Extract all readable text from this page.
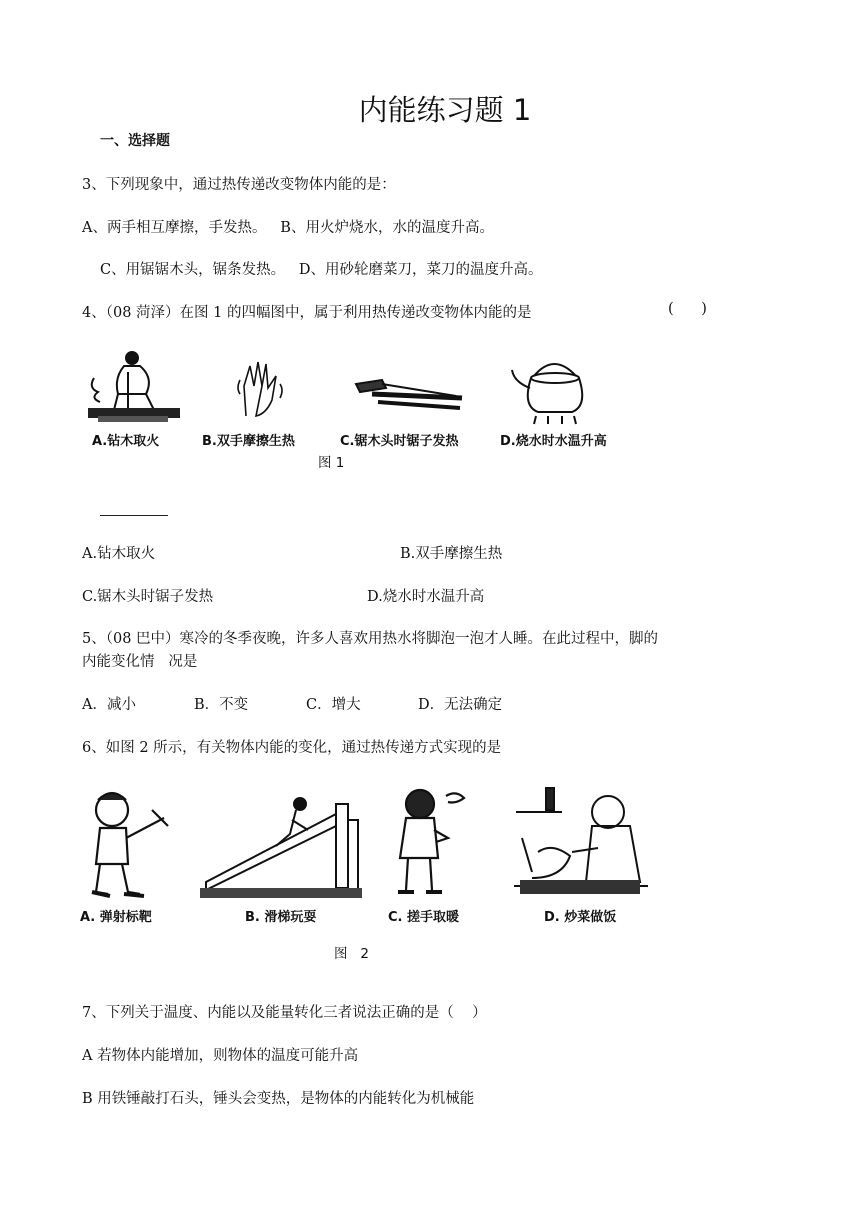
内能练习题 1
一、选择题
3、下列现象中，通过热传递改变物体内能的是：
A、两手相互摩擦，手发热。   B、用火炉烧水，水的温度升高。
C、用锯锯木头，锯条发热。   D、用砂轮磨菜刀，菜刀的温度升高。
4、（08 菏泽）在图 1 的四幅图中，属于利用热传递改变物体内能的是	(      )
A.钻木取火	B.双手摩擦生热	C.锯木头时锯子发热	D.烧水时水温升高
图 1
A.钻木取火	B.双手摩擦生热
C.锯木头时锯子发热	D.烧水时水温升高
5、（08 巴中）寒冷的冬季夜晚，许多人喜欢用热水将脚泡一泡才人睡。在此过程中，脚的
内能变化情   况是
A．减小	B．不变	C．增大	D．无法确定
6、如图 2 所示，有关物体内能的变化，通过热传递方式实现的是
A. 弹射标靶	B. 滑梯玩耍	C. 搓手取暖	D. 炒菜做饭
图   2
7、下列关于温度、内能以及能量转化三者说法正确的是（    ）
A 若物体内能增加，则物体的温度可能升高
B 用铁锤敲打石头，锤头会变热，是物体的内能转化为机械能
